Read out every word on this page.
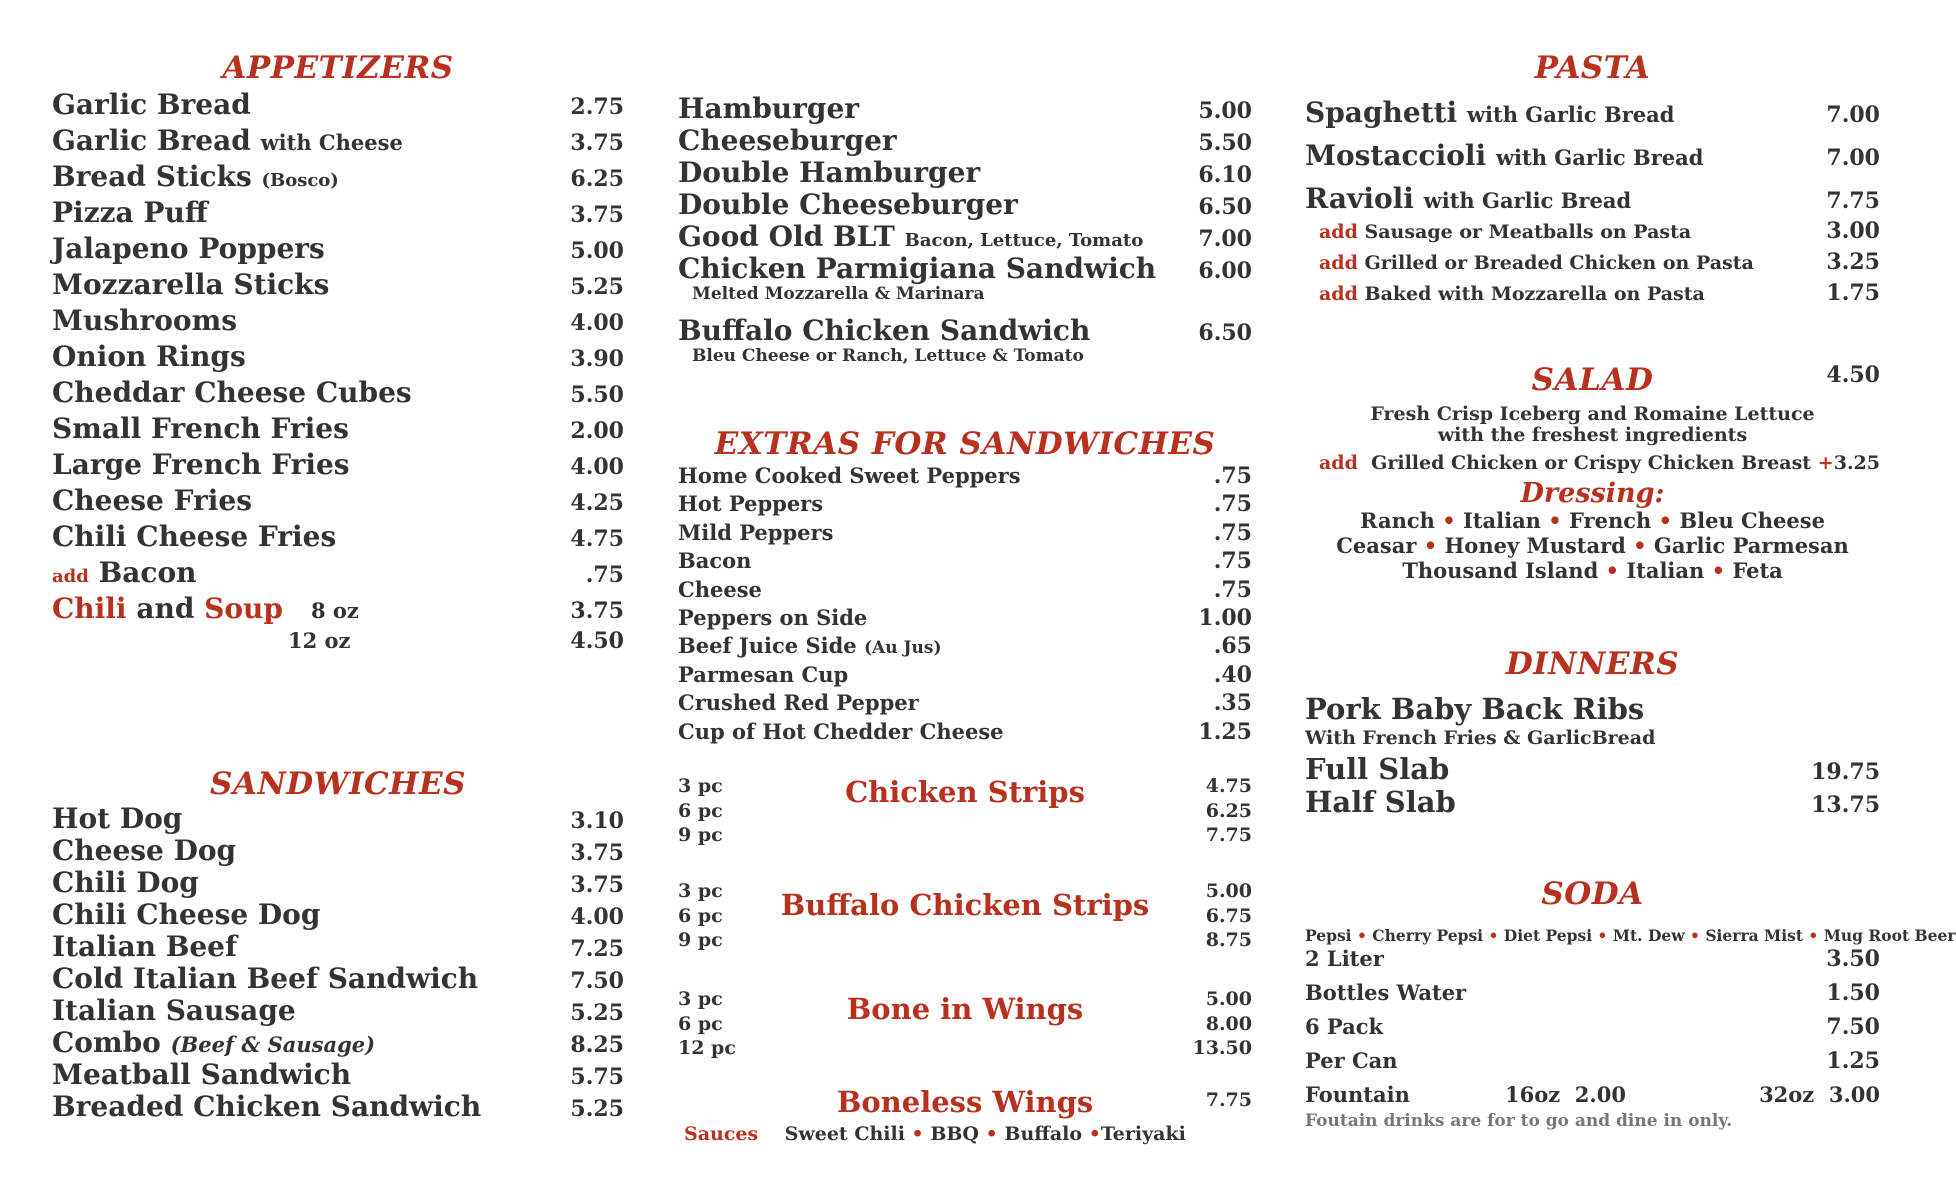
APPETIZERS
Garlic Bread	2.75
Garlic Bread with Cheese	3.75
Bread Sticks (Bosco)	6.25
Pizza Puff	3.75
Jalapeno Poppers	5.00
Mozzarella Sticks	5.25
Mushrooms	4.00
Onion Rings	3.90
Cheddar Cheese Cubes	5.50
Small French Fries	2.00
Large French Fries	4.00
Cheese Fries	4.25
Chili Cheese Fries	4.75
add Bacon	.75
Chili and Soup 8 oz	3.75
12 oz	4.50
SANDWICHES
Hot Dog	3.10
Cheese Dog	3.75
Chili Dog	3.75
Chili Cheese Dog	4.00
Italian Beef	7.25
Cold Italian Beef Sandwich	7.50
Italian Sausage	5.25
Combo (Beef & Sausage)	8.25
Meatball Sandwich	5.75
Breaded Chicken Sandwich	5.25
Hamburger	5.00
Cheeseburger	5.50
Double Hamburger	6.10
Double Cheeseburger	6.50
Good Old BLT Bacon, Lettuce, Tomato	7.00
Chicken Parmigiana Sandwich 6.00
Melted Mozzarella & Marinara
Buffalo Chicken Sandwich	6.50
Bleu Cheese or Ranch, Lettuce & Tomato
EXTRAS FOR SANDWICHES
Home Cooked Sweet Peppers	.75
Hot Peppers	.75
Mild Peppers	.75
Bacon	.75
Cheese	.75
Peppers on Side	1.00
Beef Juice Side (Au Jus)	.65
Parmesan Cup	.40
Crushed Red Pepper	.35
Cup of Hot Chedder Cheese	1.25
Chicken Strips
3 pc	4.75
6 pc	6.25
9 pc	7.75
Buffalo Chicken Strips
3 pc	5.00
6 pc	6.75
9 pc	8.75
Bone in Wings
3 pc	5.00
6 pc	8.00
12 pc	13.50
Boneless Wings	7.75
Sauces Sweet Chili • BBQ • Buffalo •Teriyaki
PASTA
Spaghetti with Garlic Bread	7.00
Mostaccioli with Garlic Bread	7.00
Ravioli with Garlic Bread	7.75
add Sausage or Meatballs on Pasta	3.00
add Grilled or Breaded Chicken on Pasta	3.25
add Baked with Mozzarella on Pasta	1.75
SALAD	4.50
Fresh Crisp Iceberg and Romaine Lettuce
with the freshest ingredients
add Grilled Chicken or Crispy Chicken Breast +3.25
Dressing:
Ranch • Italian • French • Bleu Cheese
Ceasar • Honey Mustard • Garlic Parmesan
Thousand Island • Italian • Feta
DINNERS
Pork Baby Back Ribs
With French Fries & GarlicBread
Full Slab	19.75
Half Slab	13.75
SODA
Pepsi • Cherry Pepsi • Diet Pepsi • Mt. Dew • Sierra Mist • Mug Root Beer
2 Liter	3.50
Bottles Water	1.50
6 Pack	7.50
Per Can	1.25
Fountain	16oz  2.00	32oz  3.00
Foutain drinks are for to go and dine in only.
